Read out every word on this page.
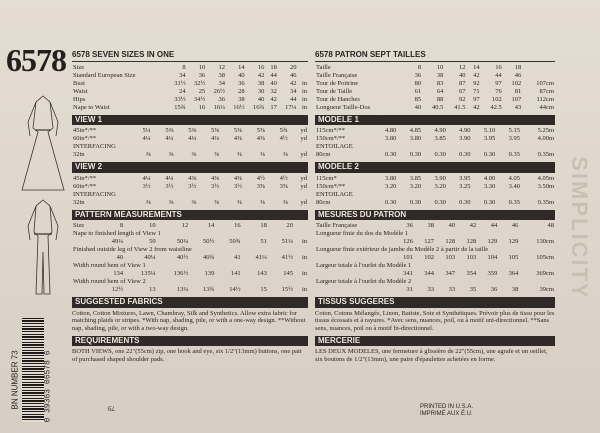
6578
BN NUMBER 73	0 39363 06578 6
6578 SEVEN SIZES IN ONE
Size	8	10	12	14	16	18	20	
Standard European Size	34	36	38	40	42	44	46	
Bust	31½	32½	34	36	38	40	42	in
Waist	24	25	26½	28	30	32	34	in
Hips	33½	34½	36	38	40	42	44	in
Nape to Waist	15¾	16	16¼	16½	16¾	17	17¼	in
VIEW 1
45in*/**	5¼	5⅜	5⅜	5⅜	5⅜	5⅝	5¾	yd
60in*/**	4¼	4¼	4¼	4¼	4⅜	4⅜	4½	yd
INTERFACING								
32in	⅜	⅜	⅜	⅜	⅜	⅜	⅜	yd
VIEW 2
45in*/**	4¼	4¼	4⅜	4⅜	4⅜	4½	4½	yd
60in*/**	3½	3½	3½	3½	3½	3⅝	3⅝	yd
INTERFACING								
32in	⅜	⅜	⅜	⅜	⅜	⅜	⅜	yd
PATTERN MEASUREMENTS
Size	8	10	12	14	16	18	20	
Nape to finished length of View 1								
	49¼	50	50¼	50½	50¾	51	51¼	in
Finished outside leg of View 2 from waistline								
	40	40¼	40½	40¾	41	41¼	41½	in
Width round hem of View 1								
	134	135¼	136½	139	141	143	145	in
Width round hem of View 2								
	12½	13	13¼	13¾	14½	15	15½	in
SUGGESTED FABRICS
Cotton, Cotton Mixtures, Lawn, Chambray, Silk and Synthetics. Allow extra fabric for matching plaids or stripes. *With nap, shading, pile, or with a one-way design. **Without nap, shading, pile, or with a two-way design.
REQUIREMENTS
BOTH VIEWS, one 22"(55cm) zip, one hook and eye, six 1/2"(13mm) buttons, one pair of purchased shaped shoulder pads.
6578 PATRON SEPT TAILLES
Taille	8	10	12	14	16	18	
Taille Française	36	38	40	42	44	46	
Tour de Poitrine	80	83	87	92	97	102	107cm
Tour de Taille	61	64	67	71	76	81	87cm
Tour de Hanches	85	88	92	97	102	107	112cm
Longueur Taille-Dos	40	40.5	41.5	42	42.5	43	44cm
MODELE 1
115cm*/**	4.80	4.85	4.90	4.90	5.10	5.15	5.25m
150cm*/**	3.80	3.80	3.85	3.90	3.95	3.95	4.00m
ENTOILAGE							
80cm	0.30	0.30	0.30	0.30	0.30	0.35	0.35m
MODELE 2
115cm*	3.80	3.85	3.90	3.95	4.00	4.05	4.05m
150cm*/**	3.20	3.20	3.20	3.25	3.30	3.40	3.50m
ENTOILAGE							
80cm	0.30	0.30	0.30	0.30	0.30	0.35	0.35m
MESURES DU PATRON
Taille Française	36	38	40	42	44	46	48
Longueur finie du dos du Modèle 1							
	126	127	128	128	129	129	130cm
Longueur finie extérieur de jambe du Modèle 2 à partir de la taille							
	101	102	103	103	104	105	105cm
Largeur totale à l'ourlet du Modèle 1							
	341	344	347	354	359	364	369cm
Largeur totale à l'ourlet du Modèle 2							
	31	33	33	35	36	38	39cm
TISSUS SUGGERES
Coton, Cotons Mélangés, Linon, Batiste, Soie et Synthétiques. Prévoir plus de tissu pour les tissus écossais et à rayures. *Avec sens, nuances, poil, ou à motif uni-directionnel. **Sans sens, nuances, poil ou à motif bi-directionnel.
MERCERIE
LES DEUX MODELES, une fermeture à glissière de 22"(55cm), une agrafe et un oeillet, six boutons de 1/2"(13mm), une paire d'épaulettes achetées en forme.
SIMPLICITY
79	PRINTED IN U.S.A.
IMPRIMÉ AUX É.U.
